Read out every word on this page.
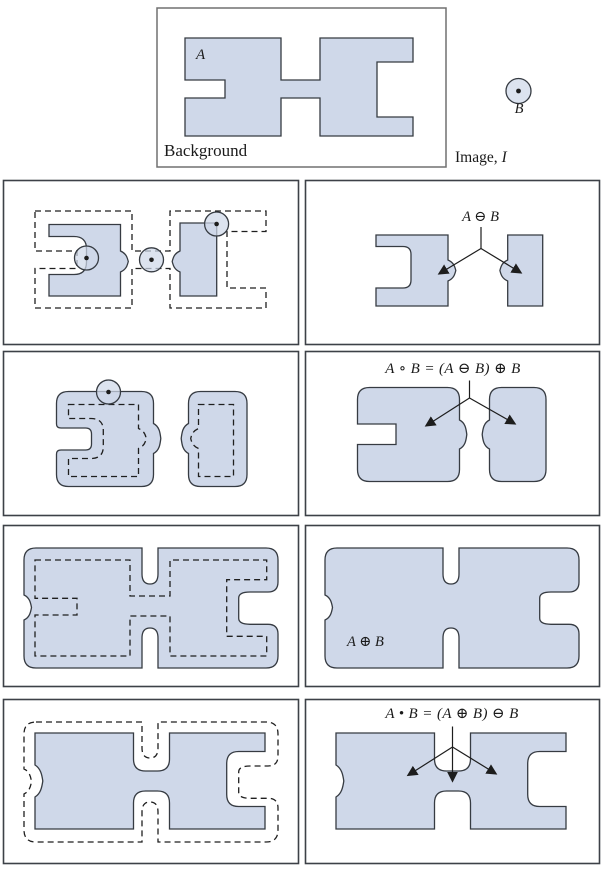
A
B
Background	Image, I
A ⊖ B
A ∘ B = (A ⊖ B) ⊕ B
A ⊕ B
A • B = (A ⊕ B) ⊖ B
